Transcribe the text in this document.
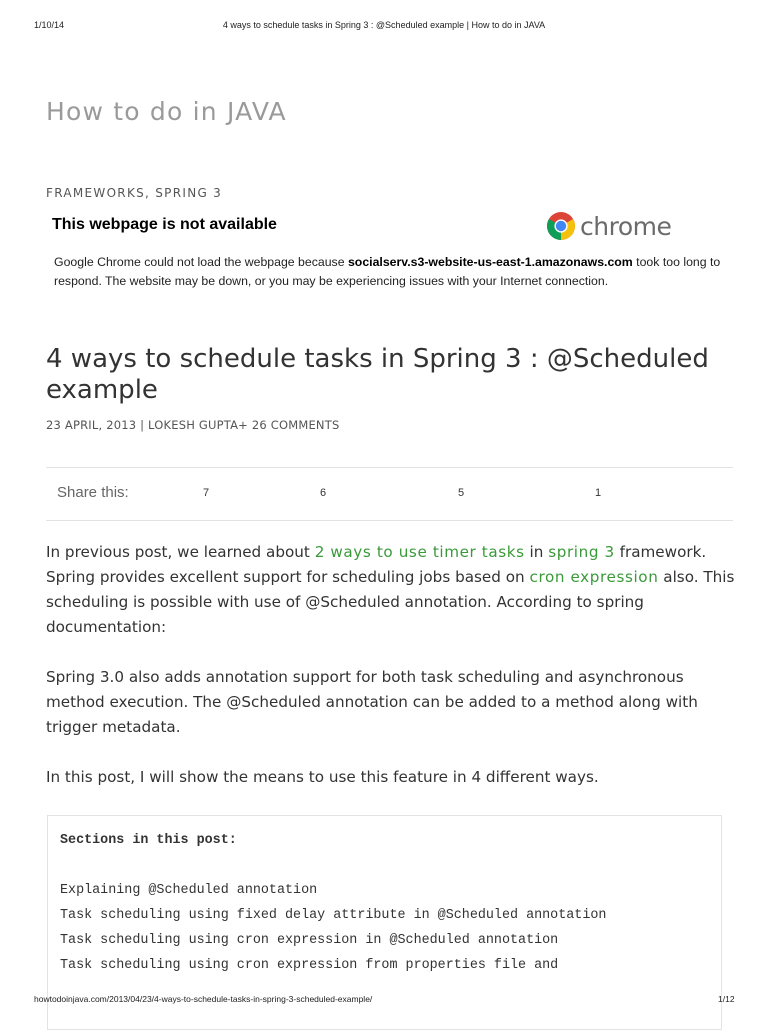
1/10/14	4 ways to schedule tasks in Spring 3 : @Scheduled example | How to do in JAVA
How to do in JAVA
FRAMEWORKS, SPRING 3
This webpage is not available	chrome
Google Chrome could not load the webpage because socialserv.s3-website-us-east-1.amazonaws.com took too long to respond. The website may be down, or you may be experiencing issues with your Internet connection.
4 ways to schedule tasks in Spring 3 : @Scheduled example
23 APRIL, 2013 | LOKESH GUPTA+ 26 COMMENTS
Share this:	7	6	5	1
In previous post, we learned about 2 ways to use timer tasks in spring 3 framework. Spring provides excellent support for scheduling jobs based on cron expression also. This scheduling is possible with use of @Scheduled annotation. According to spring documentation:
Spring 3.0 also adds annotation support for both task scheduling and asynchronous method execution. The @Scheduled annotation can be added to a method along with trigger metadata.
In this post, I will show the means to use this feature in 4 different ways.
Sections in this post:
Explaining @Scheduled annotation
Task scheduling using fixed delay attribute in @Scheduled annotation
Task scheduling using cron expression in @Scheduled annotation
Task scheduling using cron expression from properties file and
howtodoinjava.com/2013/04/23/4-ways-to-schedule-tasks-in-spring-3-scheduled-example/	1/12
